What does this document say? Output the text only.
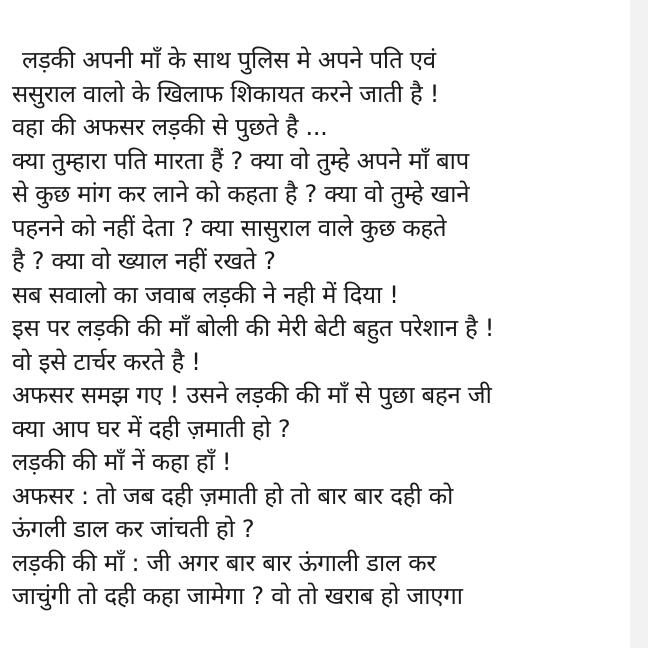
लड़की अपनी माँ के साथ पुलिस मे अपने पति एवं
ससुराल वालो के खिलाफ शिकायत करने जाती है !
वहा की अफसर लड़की से पुछते है ...
क्या तुम्हारा पति मारता हैं ? क्या वो तुम्हे अपने माँ बाप
से कुछ मांग कर लाने को कहता है ? क्या वो तुम्हे खाने
पहनने को नहीं देता ? क्या सासुराल वाले कुछ कहते
है ? क्या वो ख्याल नहीं रखते ?
सब सवालो का जवाब लड़की ने नही में दिया !
इस पर लड़की की माँ बोली की मेरी बेटी बहुत परेशान है !
वो इसे टार्चर करते है !
अफसर समझ गए ! उसने लड़की की माँ से पुछा बहन जी
क्या आप घर में दही ज़माती हो ?
लड़की की माँ नें कहा हाँ !
अफसर : तो जब दही ज़माती हो तो बार बार दही को
ऊंगली डाल कर जांचती हो ?
लड़की की माँ : जी अगर बार बार ऊंगाली डाल कर
जाचुंगी तो दही कहा जामेगा ? वो तो खराब हो जाएगा
